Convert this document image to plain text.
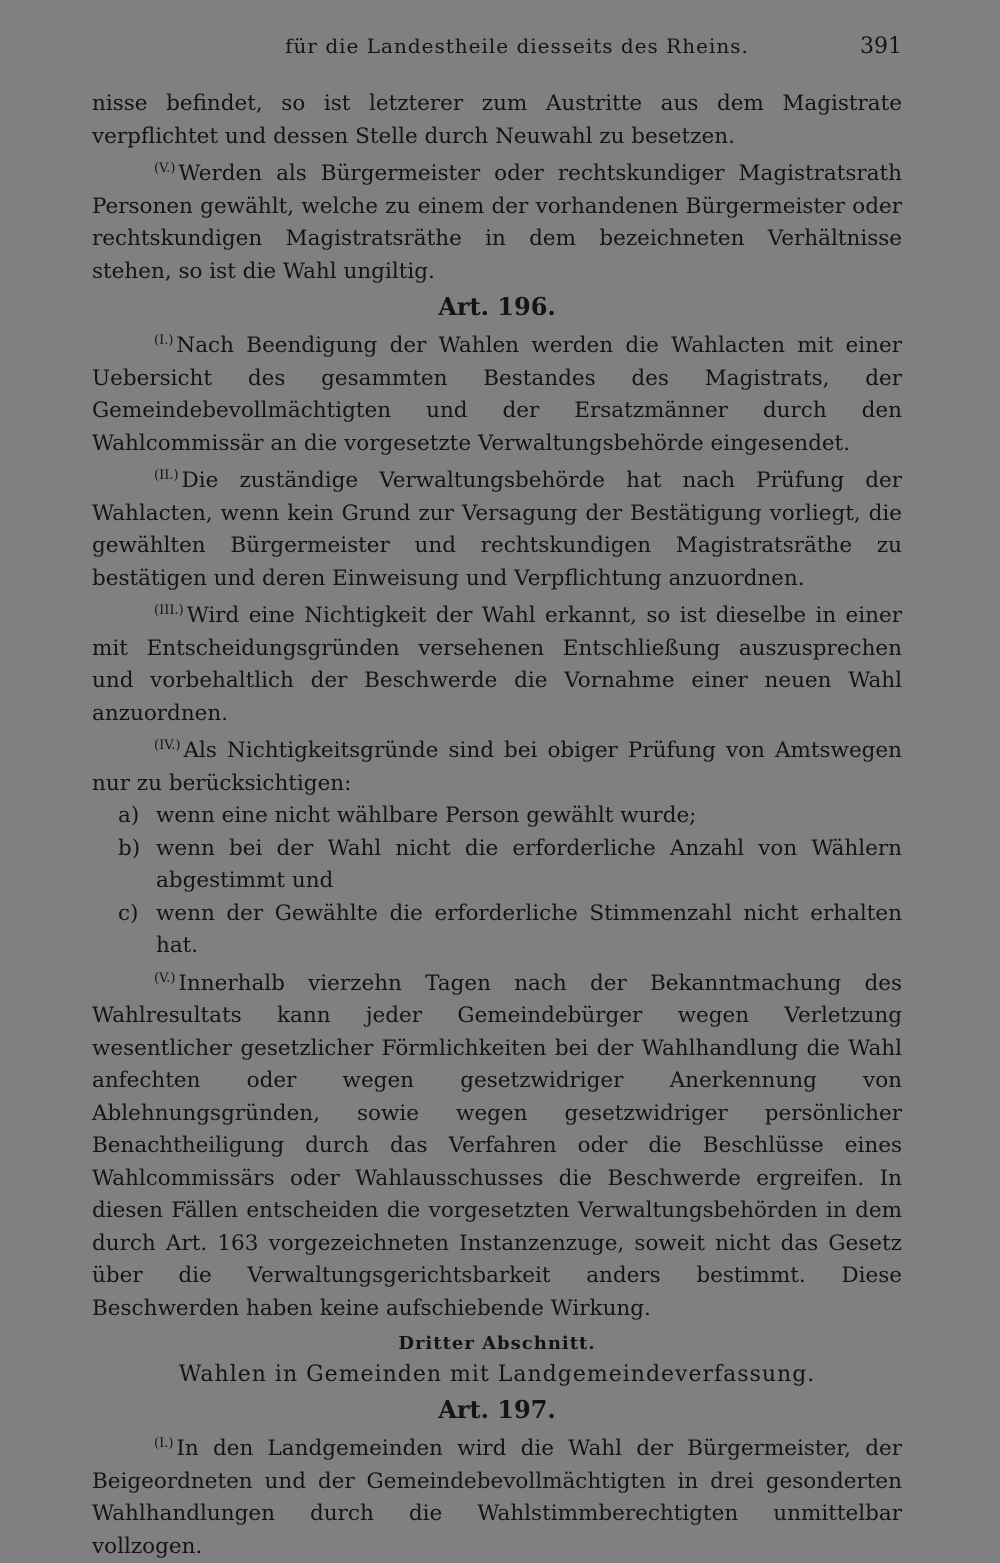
für die Landestheile diesseits des Rheins.	391

nisse befindet, so ist letzterer zum Austritte aus dem Magistrate verpflichtet und dessen Stelle durch Neuwahl zu besetzen.

$^{(V.)}$ Werden als Bürgermeister oder rechtskundiger Magistratsrath Personen gewählt, welche zu einem der vorhandenen Bürgermeister oder rechtskundigen Magistratsräthe in dem bezeichneten Verhältnisse stehen, so ist die Wahl ungiltig.

Art. 196.

$^{(I.)}$ Nach Beendigung der Wahlen werden die Wahlacten mit einer Uebersicht des gesammten Bestandes des Magistrats, der Gemeindebevollmächtigten und der Ersatzmänner durch den Wahlcommissär an die vorgesetzte Verwaltungsbehörde eingesendet.

$^{(II.)}$ Die zuständige Verwaltungsbehörde hat nach Prüfung der Wahlacten, wenn kein Grund zur Versagung der Bestätigung vorliegt, die gewählten Bürgermeister und rechtskundigen Magistratsräthe zu bestätigen und deren Einweisung und Verpflichtung anzuordnen.

$^{(III.)}$ Wird eine Nichtigkeit der Wahl erkannt, so ist dieselbe in einer mit Entscheidungsgründen versehenen Entschließung auszusprechen und vorbehaltlich der Beschwerde die Vornahme einer neuen Wahl anzuordnen.

$^{(IV.)}$ Als Nichtigkeitsgründe sind bei obiger Prüfung von Amtswegen nur zu berücksichtigen:

a) wenn eine nicht wählbare Person gewählt wurde;

b) wenn bei der Wahl nicht die erforderliche Anzahl von Wählern abgestimmt und

c) wenn der Gewählte die erforderliche Stimmenzahl nicht erhalten hat.

$^{(V.)}$ Innerhalb vierzehn Tagen nach der Bekanntmachung des Wahlresultats kann jeder Gemeindebürger wegen Verletzung wesentlicher gesetzlicher Förmlichkeiten bei der Wahlhandlung die Wahl anfechten oder wegen gesetzwidriger Anerkennung von Ablehnungsgründen, sowie wegen gesetzwidriger persönlicher Benachtheiligung durch das Verfahren oder die Beschlüsse eines Wahlcommissärs oder Wahlausschusses die Beschwerde ergreifen. In diesen Fällen entscheiden die vorgesetzten Verwaltungsbehörden in dem durch Art. 163 vorgezeichneten Instanzenzuge, soweit nicht das Gesetz über die Verwaltungsgerichtsbarkeit anders bestimmt. Diese Beschwerden haben keine aufschiebende Wirkung.

Dritter Abschnitt.
Wahlen in Gemeinden mit Landgemeindeverfassung.
Art. 197.

$^{(I.)}$ In den Landgemeinden wird die Wahl der Bürgermeister, der Beigeordneten und der Gemeindebevollmächtigten in drei gesonderten Wahlhandlungen durch die Wahlstimmberechtigten unmittelbar vollzogen.
